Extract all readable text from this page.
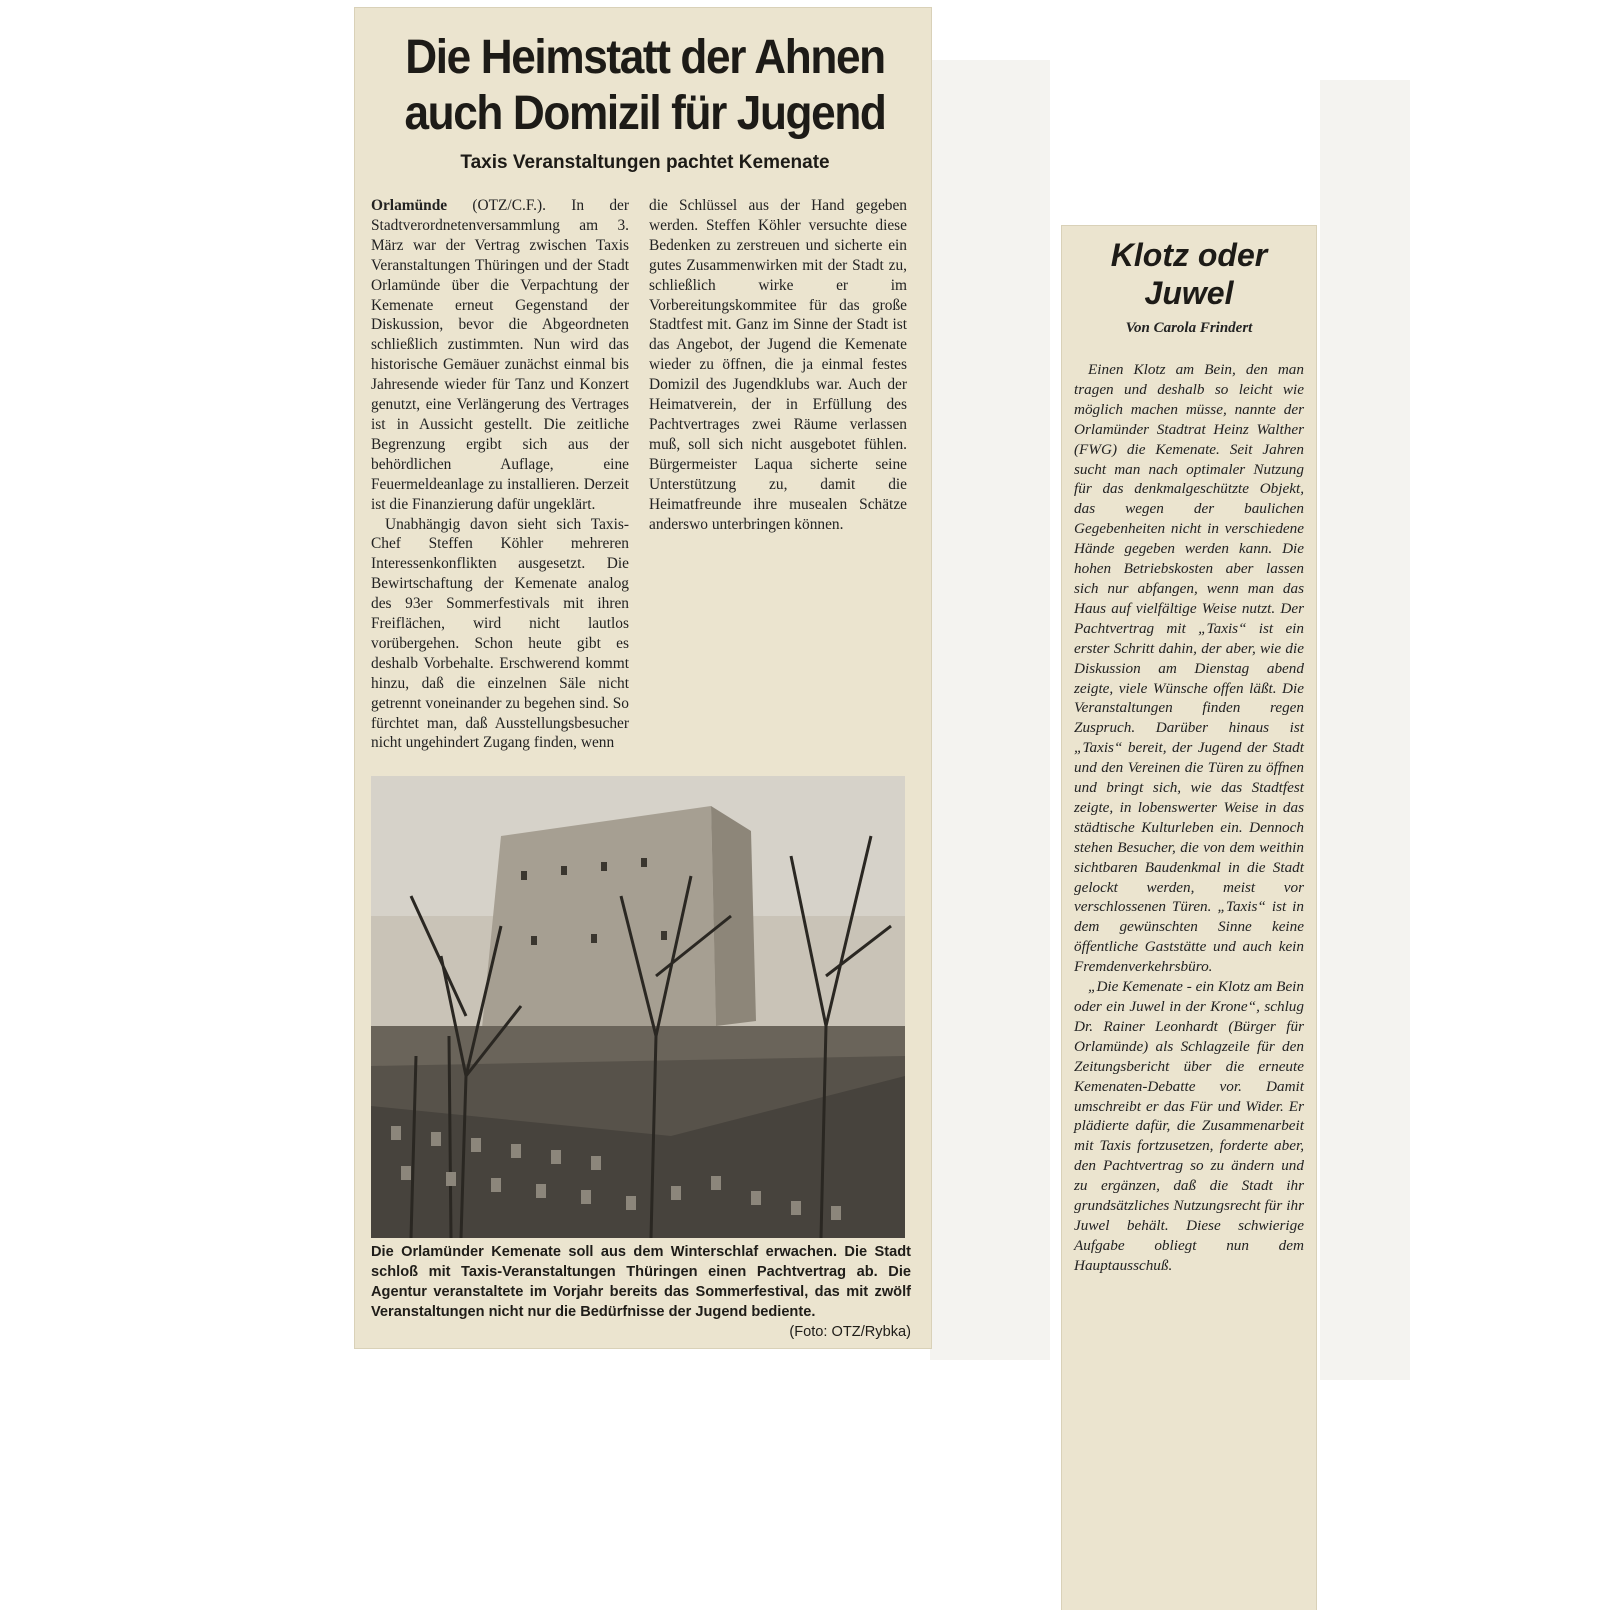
Die Heimstatt der Ahnen
auch Domizil für Jugend
Taxis Veranstaltungen pachtet Kemenate

Orlamünde (OTZ/C.F.). In der Stadtverordnetenversammlung am 3. März war der Vertrag zwischen Taxis Veranstaltungen Thüringen und der Stadt Orlamünde über die Verpachtung der Kemenate erneut Gegenstand der Diskussion, bevor die Abgeordneten schließlich zustimmten. Nun wird das historische Gemäuer zunächst einmal bis Jahresende wieder für Tanz und Konzert genutzt, eine Verlängerung des Vertrages ist in Aussicht gestellt. Die zeitliche Begrenzung ergibt sich aus der behördlichen Auflage, eine Feuermeldeanlage zu installieren. Derzeit ist die Finanzierung dafür ungeklärt.

Unabhängig davon sieht sich Taxis-Chef Steffen Köhler mehreren Interessenkonflikten ausgesetzt. Die Bewirtschaftung der Kemenate analog des 93er Sommerfestivals mit ihren Freiflächen, wird nicht lautlos vorübergehen. Schon heute gibt es deshalb Vorbehalte. Erschwerend kommt hinzu, daß die einzelnen Säle nicht getrennt voneinander zu begehen sind. So fürchtet man, daß Ausstellungsbesucher nicht ungehindert Zugang finden, wenn

die Schlüssel aus der Hand gegeben werden. Steffen Köhler versuchte diese Bedenken zu zerstreuen und sicherte ein gutes Zusammenwirken mit der Stadt zu, schließlich wirke er im Vorbereitungskommitee für das große Stadtfest mit. Ganz im Sinne der Stadt ist das Angebot, der Jugend die Kemenate wieder zu öffnen, die ja einmal festes Domizil des Jugendklubs war. Auch der Heimatverein, der in Erfüllung des Pachtvertrages zwei Räume verlassen muß, soll sich nicht ausgebotet fühlen. Bürgermeister Laqua sicherte seine Unterstützung zu, damit die Heimatfreunde ihre musealen Schätze anderswo unterbringen können.

Die Orlamünder Kemenate soll aus dem Winterschlaf erwachen. Die Stadt schloß mit Taxis-Veranstaltungen Thüringen einen Pachtvertrag ab. Die Agentur veranstaltete im Vorjahr bereits das Sommerfestival, das mit zwölf Veranstaltungen nicht nur die Bedürfnisse der Jugend bediente.
(Foto: OTZ/Rybka)
Klotz oder
Juwel
Von Carola Frindert

Einen Klotz am Bein, den man tragen und deshalb so leicht wie möglich machen müsse, nannte der Orlamünder Stadtrat Heinz Walther (FWG) die Kemenate. Seit Jahren sucht man nach optimaler Nutzung für das denkmalgeschützte Objekt, das wegen der baulichen Gegebenheiten nicht in verschiedene Hände gegeben werden kann. Die hohen Betriebskosten aber lassen sich nur abfangen, wenn man das Haus auf vielfältige Weise nutzt. Der Pachtvertrag mit „Taxis“ ist ein erster Schritt dahin, der aber, wie die Diskussion am Dienstag abend zeigte, viele Wünsche offen läßt. Die Veranstaltungen finden regen Zuspruch. Darüber hinaus ist „Taxis“ bereit, der Jugend der Stadt und den Vereinen die Türen zu öffnen und bringt sich, wie das Stadtfest zeigte, in lobenswerter Weise in das städtische Kulturleben ein. Dennoch stehen Besucher, die von dem weithin sichtbaren Baudenkmal in die Stadt gelockt werden, meist vor verschlossenen Türen. „Taxis“ ist in dem gewünschten Sinne keine öffentliche Gaststätte und auch kein Fremdenverkehrsbüro.

„Die Kemenate - ein Klotz am Bein oder ein Juwel in der Krone“, schlug Dr. Rainer Leonhardt (Bürger für Orlamünde) als Schlagzeile für den Zeitungsbericht über die erneute Kemenaten-Debatte vor. Damit umschreibt er das Für und Wider. Er plädierte dafür, die Zusammenarbeit mit Taxis fortzusetzen, forderte aber, den Pachtvertrag so zu ändern und zu ergänzen, daß die Stadt ihr grundsätzliches Nutzungsrecht für ihr Juwel behält. Diese schwierige Aufgabe obliegt nun dem Hauptausschuß.
